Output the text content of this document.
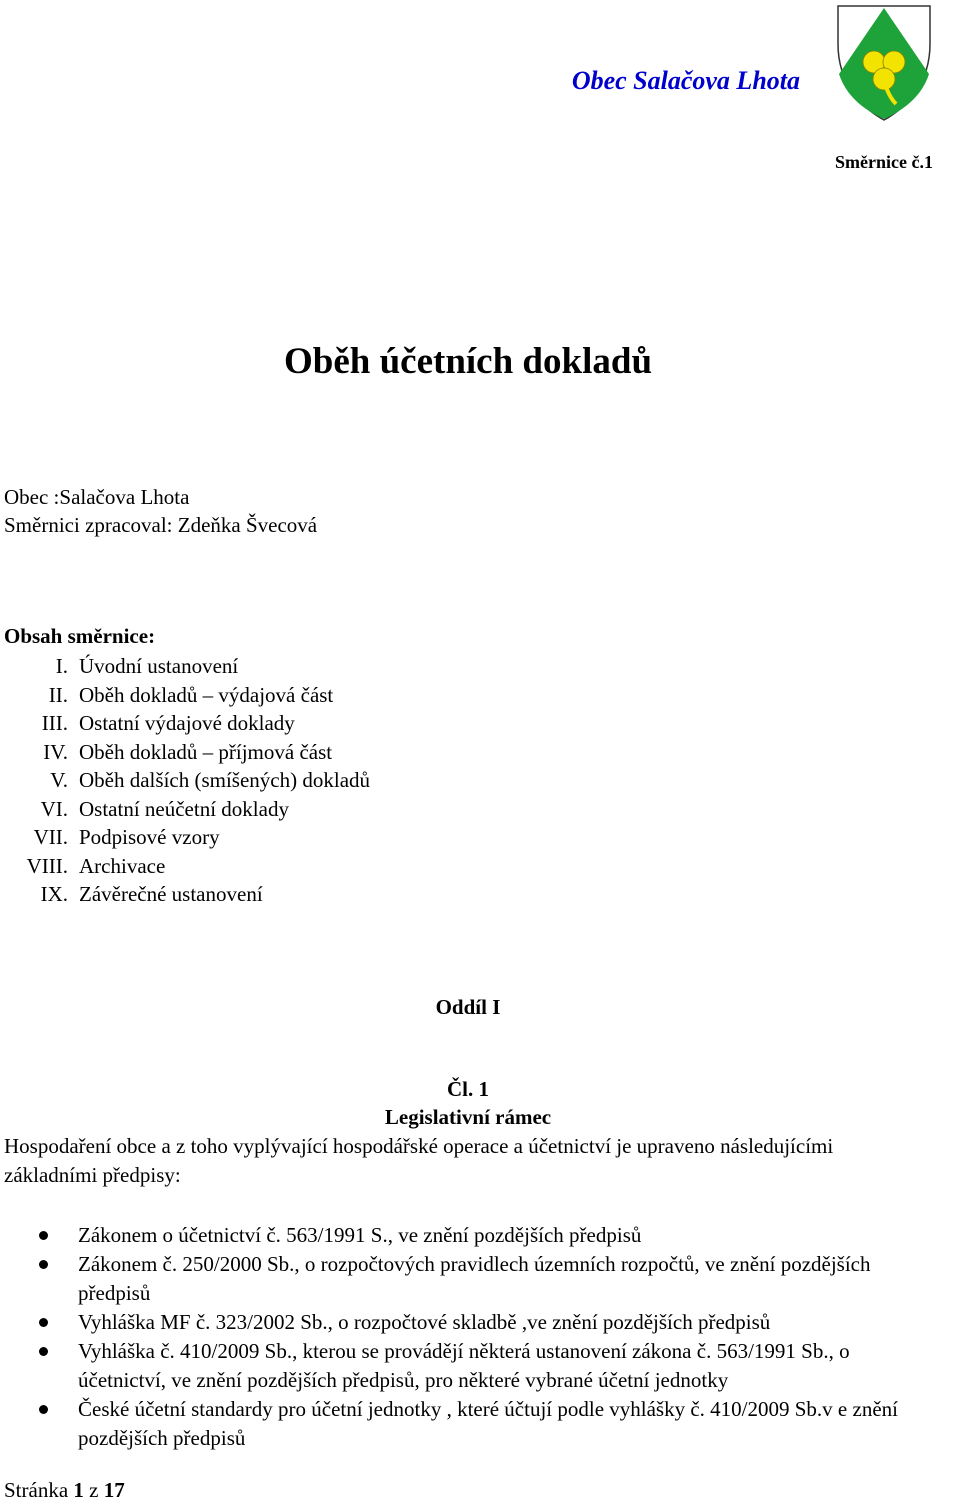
Obec Salačova Lhota
Směrnice č.1
Oběh účetních dokladů
Obec :Salačova Lhota
Směrnici zpracoval: Zdeňka Švecová
Obsah směrnice:
I. Úvodní ustanovení
II. Oběh dokladů – výdajová část
III. Ostatní výdajové doklady
IV. Oběh dokladů – příjmová část
V. Oběh dalších (smíšených) dokladů
VI. Ostatní neúčetní doklady
VII. Podpisové vzory
VIII. Archivace
IX. Závěrečné ustanovení
Oddíl I
Čl. 1
Legislativní rámec
Hospodaření obce a z toho vyplývající hospodářské operace a účetnictví je upraveno následujícími základními předpisy:
Zákonem o účetnictví č. 563/1991 S., ve znění pozdějších předpisů
Zákonem č. 250/2000 Sb., o rozpočtových pravidlech územních rozpočtů, ve znění pozdějších předpisů
Vyhláška MF č. 323/2002 Sb., o rozpočtové skladbě ,ve znění pozdějších předpisů
Vyhláška č. 410/2009 Sb., kterou se provádějí některá ustanovení zákona č. 563/1991 Sb., o účetnictví, ve znění pozdějších předpisů, pro některé vybrané účetní jednotky
České účetní standardy pro účetní jednotky , které účtují podle vyhlášky č. 410/2009 Sb.v e znění pozdějších předpisů
Stránka 1 z 17
